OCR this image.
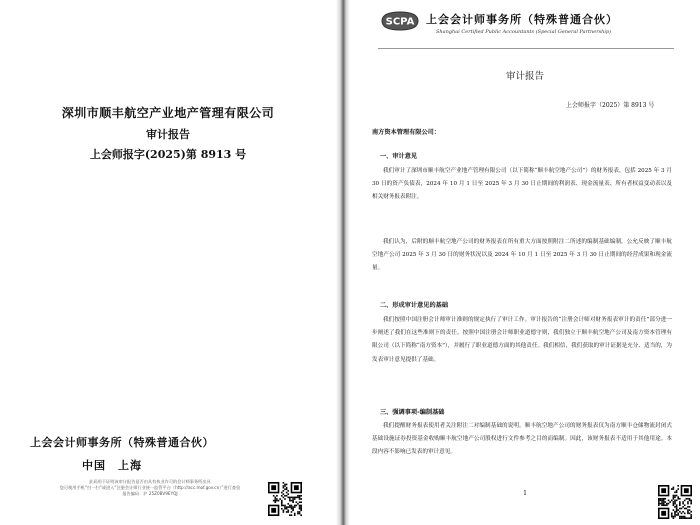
深圳市顺丰航空产业地产管理有限公司
审计报告
上会师报字(2025)第 8913 号
上会会计师事务所（特殊普通合伙）
中国　上海
此码用于证明该审计报告是否由具有执业许可的会计师事务所出具
您可使用手机“扫一扫”或进入“注册会计师行业统一监管平台（http://acc.mof.gov.cn）”进行查验
报告编码：沪 25Z0BV9EYQJ
SCPA 上会会计师事务所（特殊普通合伙）
Shanghai Certified Public Accountants (Special General Partnership)
审计报告
上会师报字（2025）第 8913 号
南方资本管理有限公司：
一、审计意见

我们审计了深圳市顺丰航空产业地产管理有限公司（以下简称“顺丰航空地产公司”）的财务报表，包括 2025 年 3 月 30 日的资产负债表，2024 年 10 月 1 日至 2025 年 3 月 30 日止期间的利润表、现金流量表、所有者权益变动表以及相关财务报表附注。

我们认为，后附的顺丰航空地产公司的财务报表在所有重大方面按照附注二所述的编制基础编制，公允反映了顺丰航空地产公司 2025 年 3 月 30 日的财务状况以及 2024 年 10 月 1 日至 2025 年 3 月 30 日止期间的经营成果和现金流量。

二、形成审计意见的基础

我们按照中国注册会计师审计准则的规定执行了审计工作。审计报告的“注册会计师对财务报表审计的责任”部分进一步阐述了我们在这些准则下的责任。按照中国注册会计师职业道德守则，我们独立于顺丰航空地产公司及南方资本管理有限公司（以下简称“南方资本”），并履行了职业道德方面的其他责任。我们相信，我们获取的审计证据是充分、适当的，为发表审计意见提供了基础。

三、强调事项-编制基础

我们提醒财务报表使用者关注附注二对编制基础的说明。顺丰航空地产公司的财务报表仅为南方顺丰仓储物流封闭式基础设施证券投资基金收购顺丰航空地产公司股权进行文件参考之目的而编制。因此，该财务报表不适用于其他用途。本段内容不影响已发表的审计意见。

1
